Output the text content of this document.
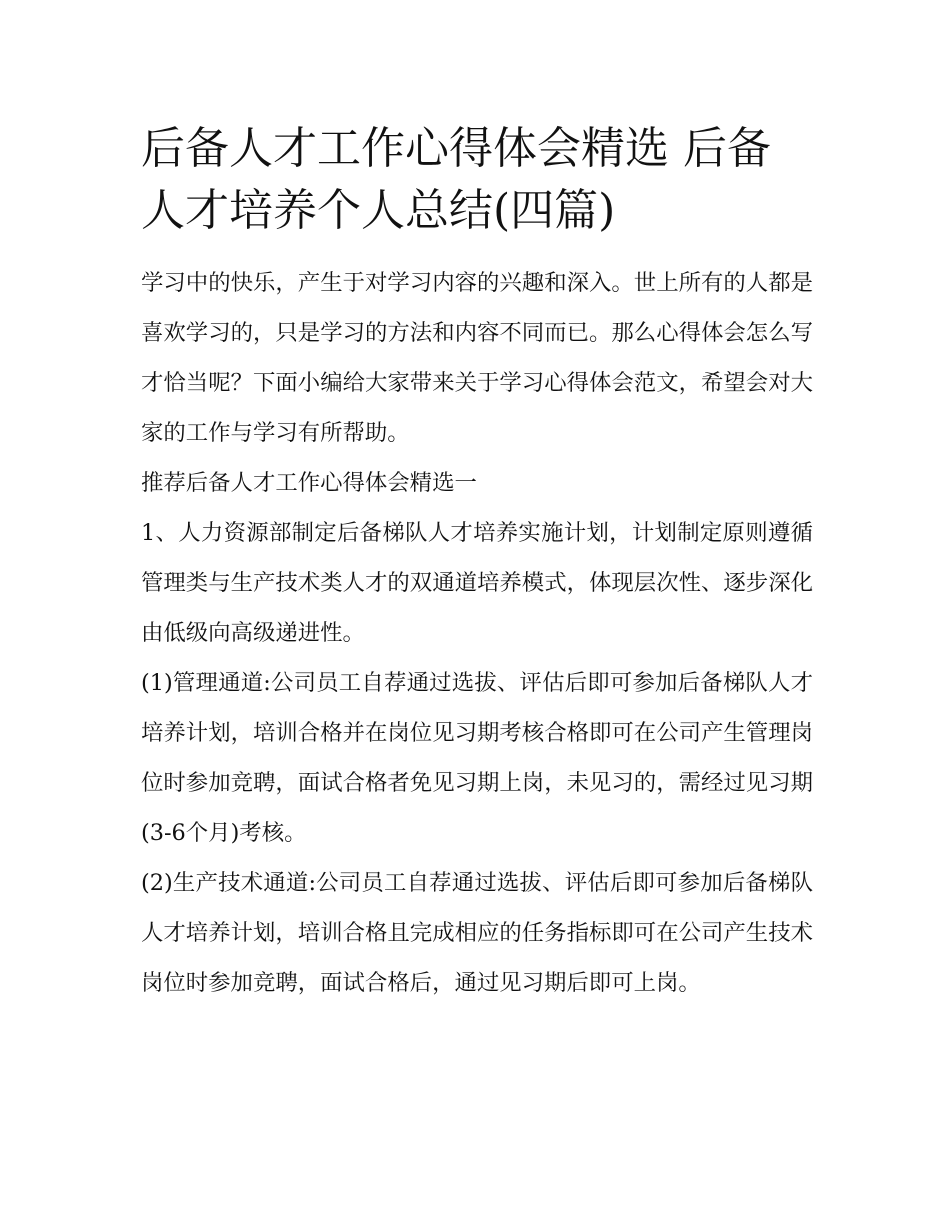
后备人才工作心得体会精选 后备人才培养个人总结(四篇)

学习中的快乐，产生于对学习内容的兴趣和深入。世上所有的人都是喜欢学习的，只是学习的方法和内容不同而已。那么心得体会怎么写才恰当呢？下面小编给大家带来关于学习心得体会范文，希望会对大家的工作与学习有所帮助。

推荐后备人才工作心得体会精选一

1、人力资源部制定后备梯队人才培养实施计划，计划制定原则遵循管理类与生产技术类人才的双通道培养模式，体现层次性、逐步深化由低级向高级递进性。

(1)管理通道:公司员工自荐通过选拔、评估后即可参加后备梯队人才培养计划，培训合格并在岗位见习期考核合格即可在公司产生管理岗位时参加竞聘，面试合格者免见习期上岗，未见习的，需经过见习期(3-6个月)考核。

(2)生产技术通道:公司员工自荐通过选拔、评估后即可参加后备梯队人才培养计划，培训合格且完成相应的任务指标即可在公司产生技术岗位时参加竞聘，面试合格后，通过见习期后即可上岗。
